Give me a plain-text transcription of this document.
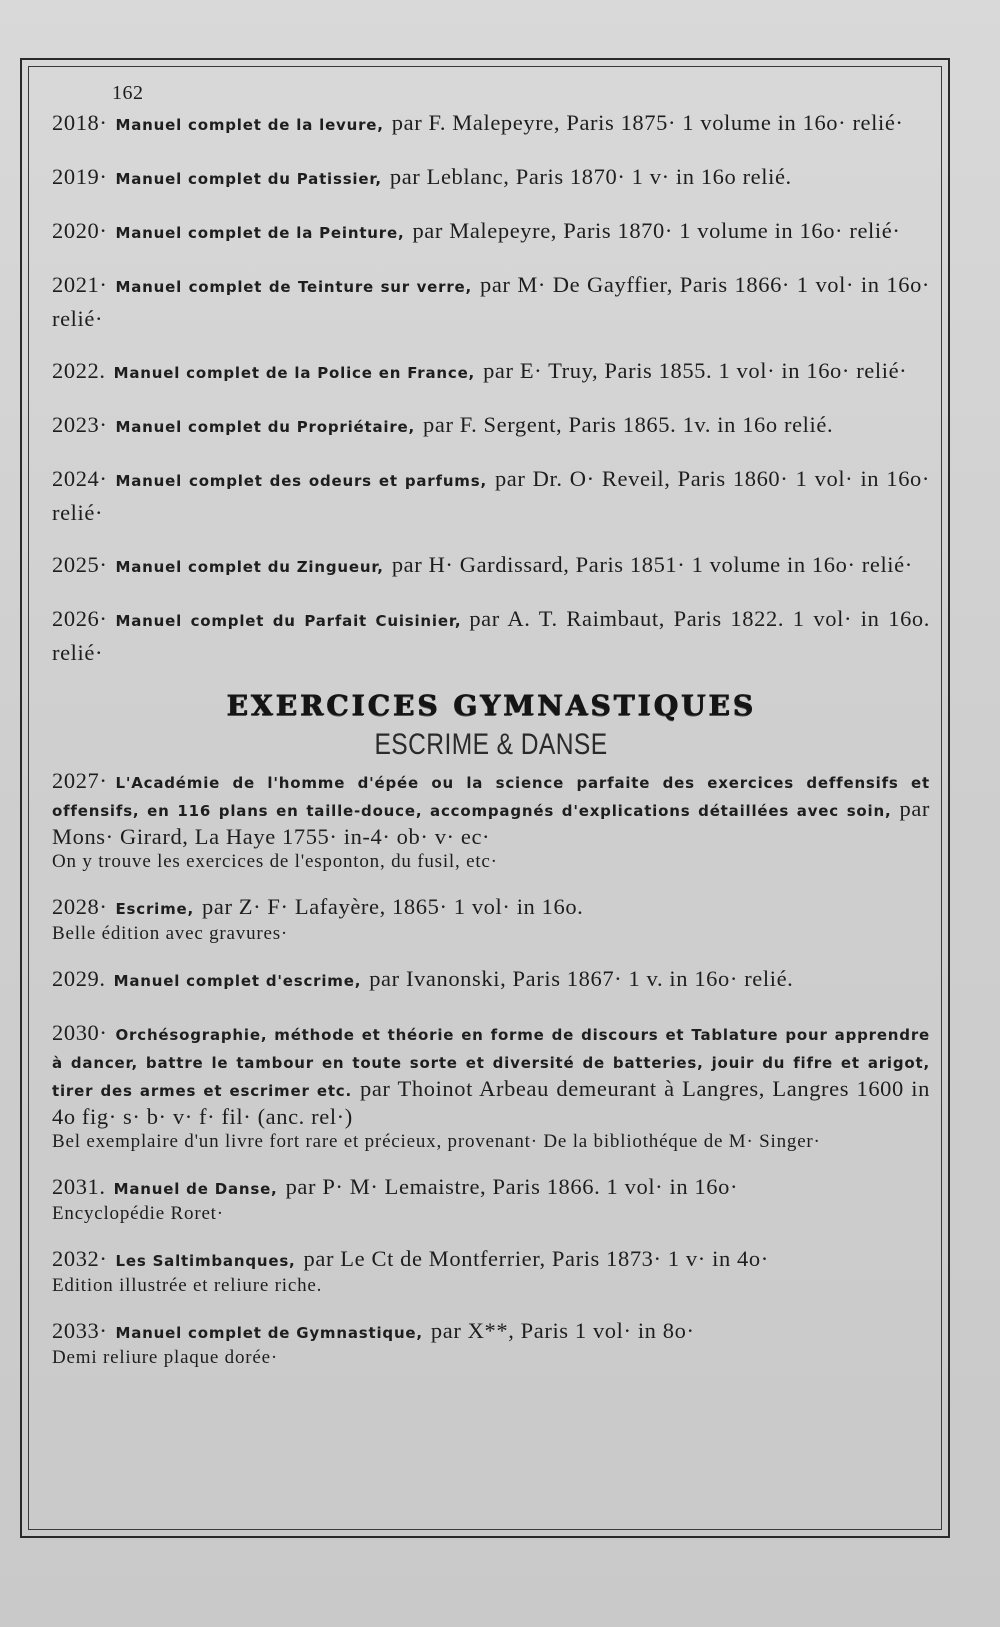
162
2018· Manuel complet de la levure, par F. Malepeyre, Paris 1875· 1 volume in 16o· relié·
2019· Manuel complet du Patissier, par Leblanc, Paris 1870· 1 v· in 16o relié.
2020· Manuel complet de la Peinture, par Malepeyre, Paris 1870· 1 volume in 16o· relié·
2021· Manuel complet de Teinture sur verre, par M· De Gayffier, Paris 1866· 1 vol· in 16o· relié·
2022. Manuel complet de la Police en France, par E· Truy, Paris 1855. 1 vol· in 16o· relié·
2023· Manuel complet du Propriétaire, par F. Sergent, Paris 1865. 1v. in 16o relié.
2024· Manuel complet des odeurs et parfums, par Dr. O· Reveil, Paris 1860· 1 vol· in 16o· relié·
2025· Manuel complet du Zingueur, par H· Gardissard, Paris 1851· 1 volume in 16o· relié·
2026· Manuel complet du Parfait Cuisinier, par A. T. Raimbaut, Paris 1822. 1 vol· in 16o. relié·
EXERCICES GYMNASTIQUES
ESCRIME & DANSE
2027· L'Académie de l'homme d'épée ou la science parfaite des exercices deffensifs et offensifs, en 116 plans en taille-douce, accompagnés d'explications détaillées avec soin, par Mons· Girard, La Haye 1755· in-4· ob· v· ec·
On y trouve les exercices de l'esponton, du fusil, etc·
2028· Escrime, par Z· F· Lafayère, 1865· 1 vol· in 16o.
Belle édition avec gravures·
2029. Manuel complet d'escrime, par Ivanonski, Paris 1867· 1 v. in 16o· relié.
2030· Orchésographie, méthode et théorie en forme de discours et Tablature pour apprendre à dancer, battre le tambour en toute sorte et diversité de batteries, jouir du fifre et arigot, tirer des armes et escrimer etc. par Thoinot Arbeau demeurant à Langres, Langres 1600 in 4o fig· s· b· v· f· fil· (anc. rel·)
Bel exemplaire d'un livre fort rare et précieux, provenant· De la bibliothéque de M· Singer·
2031. Manuel de Danse, par P· M· Lemaistre, Paris 1866. 1 vol· in 16o·
Encyclopédie Roret·
2032· Les Saltimbanques, par Le Ct de Montferrier, Paris 1873· 1 v· in 4o·
Edition illustrée et reliure riche.
2033· Manuel complet de Gymnastique, par X**, Paris 1 vol· in 8o·
Demi reliure plaque dorée·
